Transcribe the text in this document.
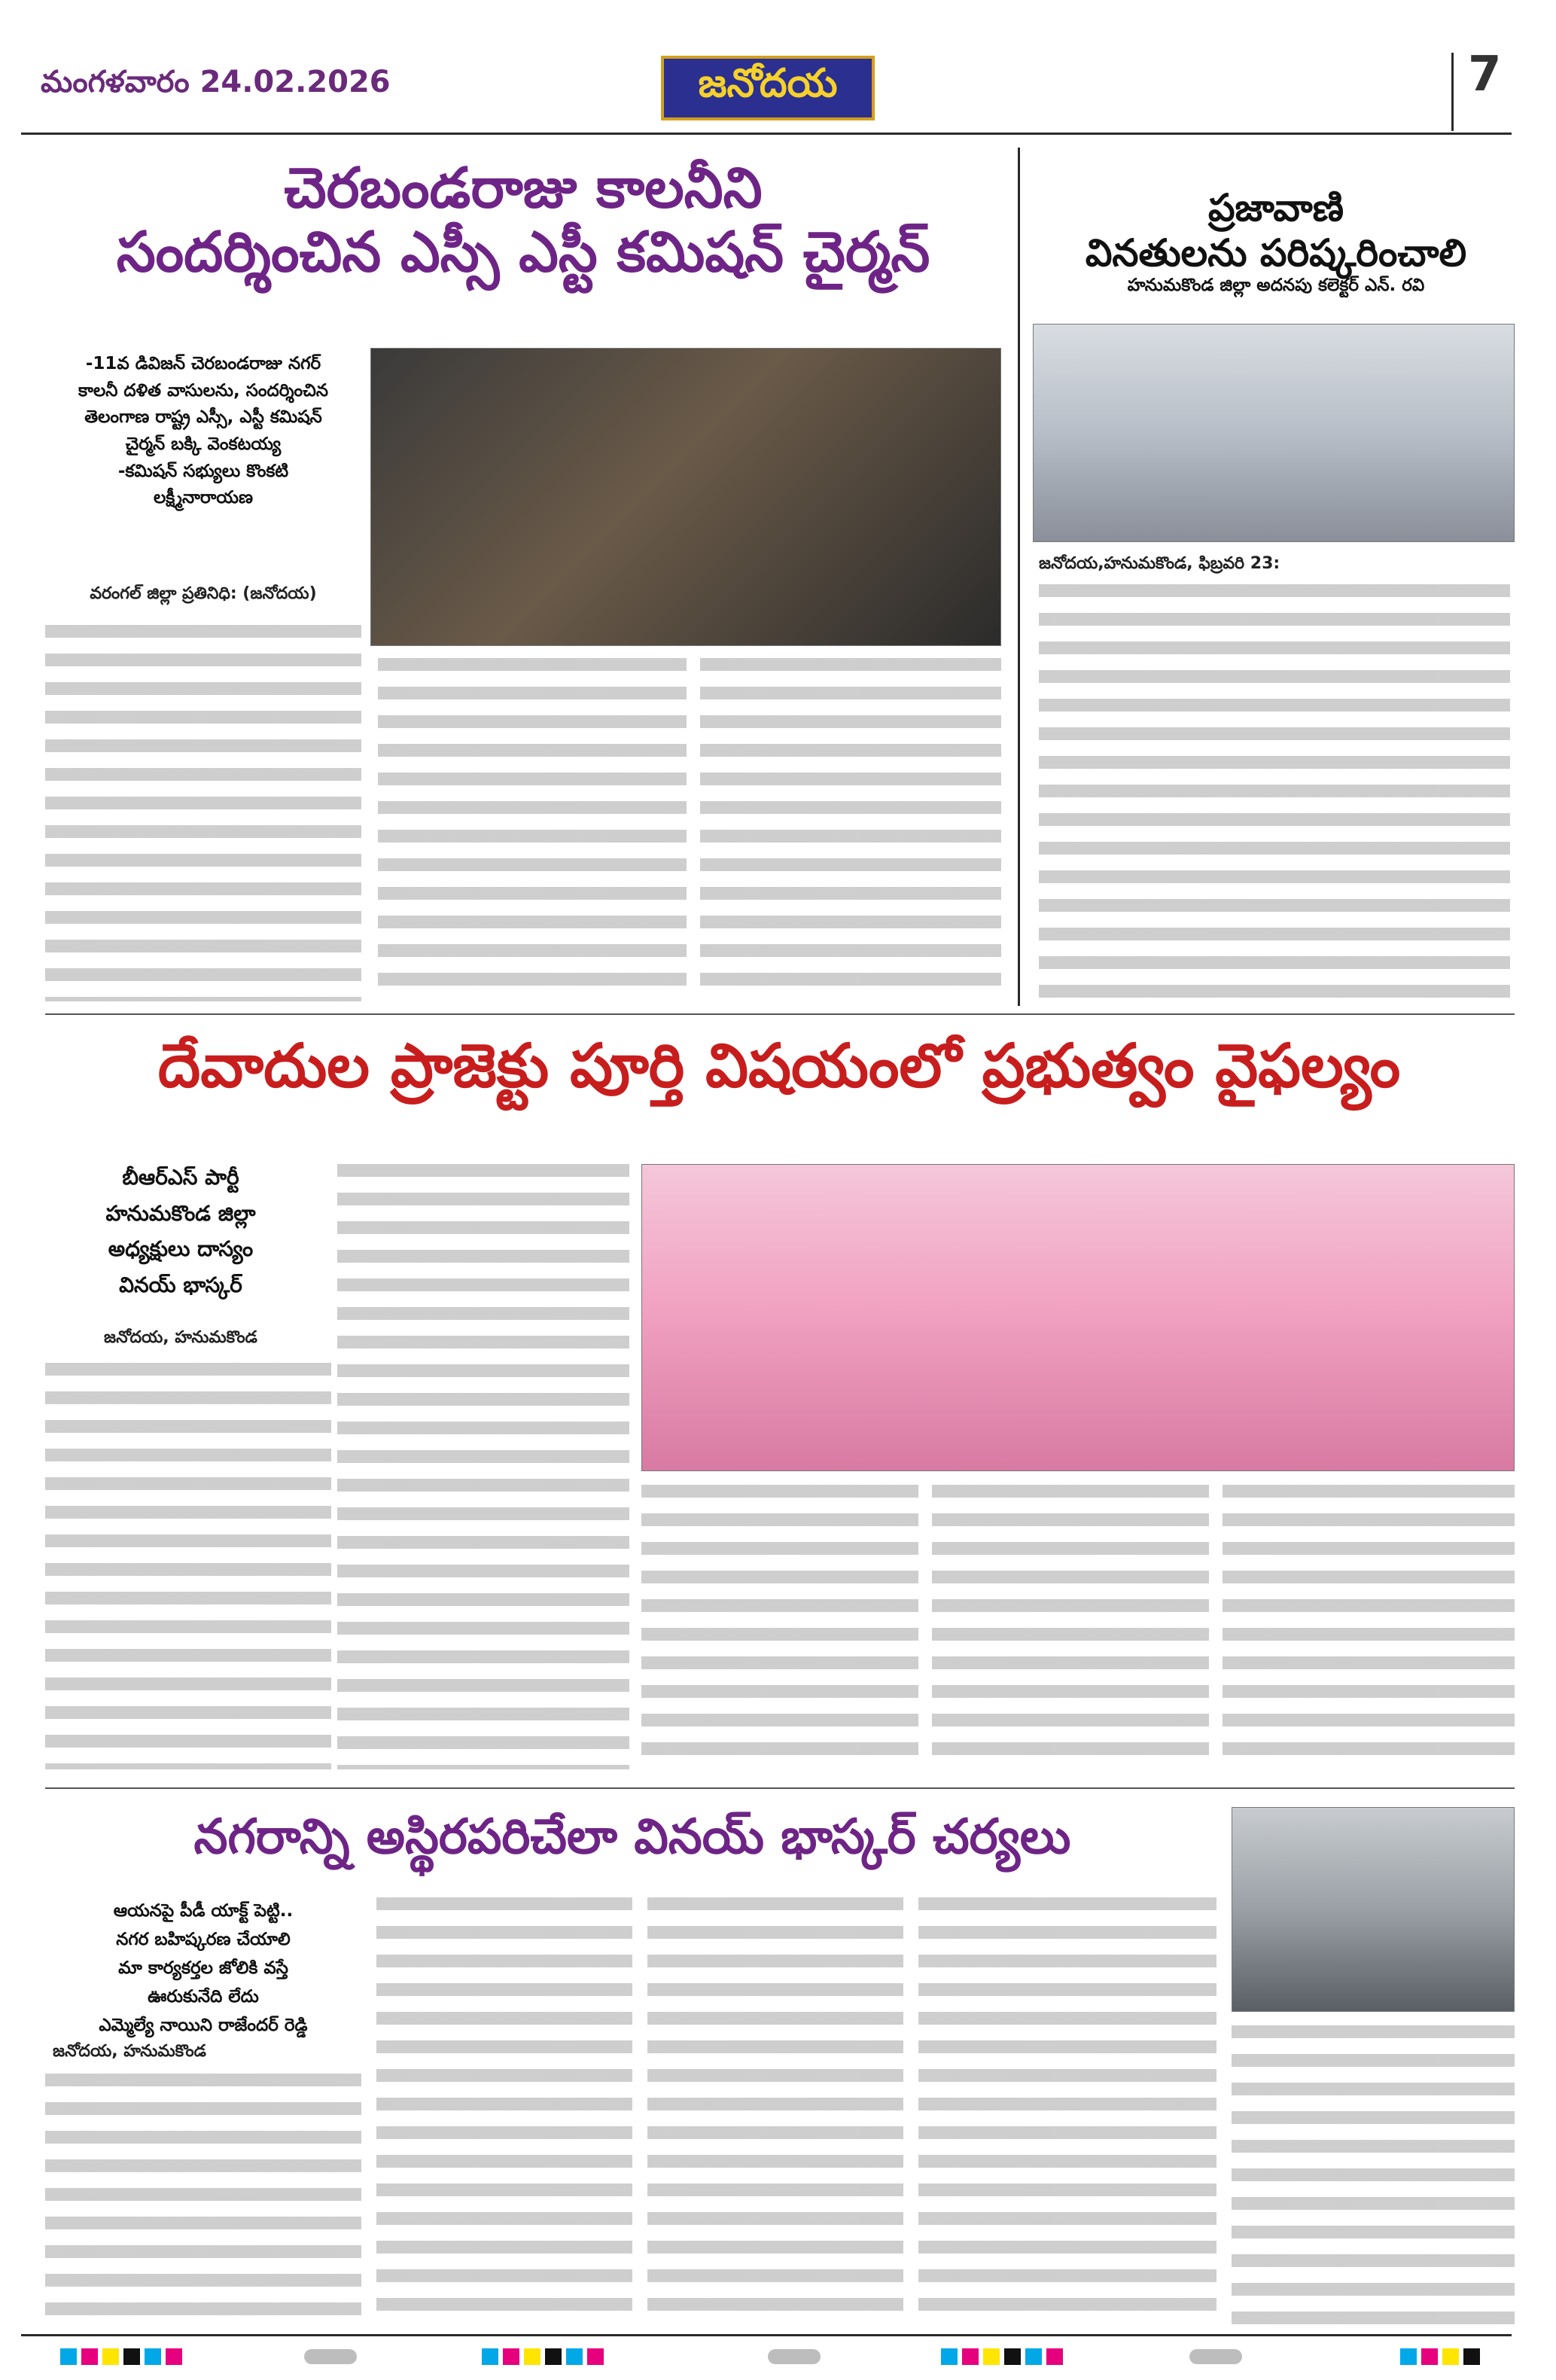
మంగళవారం 24.02.2026	జనోదయ	7
చెరబండరాజు కాలనీని
సందర్శించిన ఎస్సీ ఎస్టీ కమిషన్ చైర్మన్
-11వ డివిజన్ చెరబండరాజు నగర్
కాలనీ దళిత వాసులను, సందర్శించిన
తెలంగాణ రాష్ట్ర ఎస్సీ, ఎస్టీ కమిషన్
చైర్మన్ బక్కి వెంకటయ్య
-కమిషన్ సభ్యులు కొంకటి
లక్ష్మీనారాయణ
వరంగల్ జిల్లా ప్రతినిధి: (జనోదయ)
ప్రజావాణి
వినతులను పరిష్కరించాలి
హనుమకొండ జిల్లా అదనపు కలెక్టర్ ఎన్. రవి
జనోదయ,హనుమకొండ, ఫిబ్రవరి 23:
దేవాదుల ప్రాజెక్టు పూర్తి విషయంలో ప్రభుత్వం వైఫల్యం
బీఆర్ఎస్ పార్టీ
హనుమకొండ జిల్లా
అధ్యక్షులు దాస్యం
వినయ్ భాస్కర్
జనోదయ, హనుమకొండ
నగరాన్ని అస్థిరపరిచేలా వినయ్ భాస్కర్ చర్యలు
ఆయనపై పీడీ యాక్ట్ పెట్టి..
నగర బహిష్కరణ చేయాలి
మా కార్యకర్తల జోలికి వస్తే
ఊరుకునేది లేదు
ఎమ్మెల్యే నాయిని రాజేందర్ రెడ్డి
జనోదయ, హనుమకొండ
